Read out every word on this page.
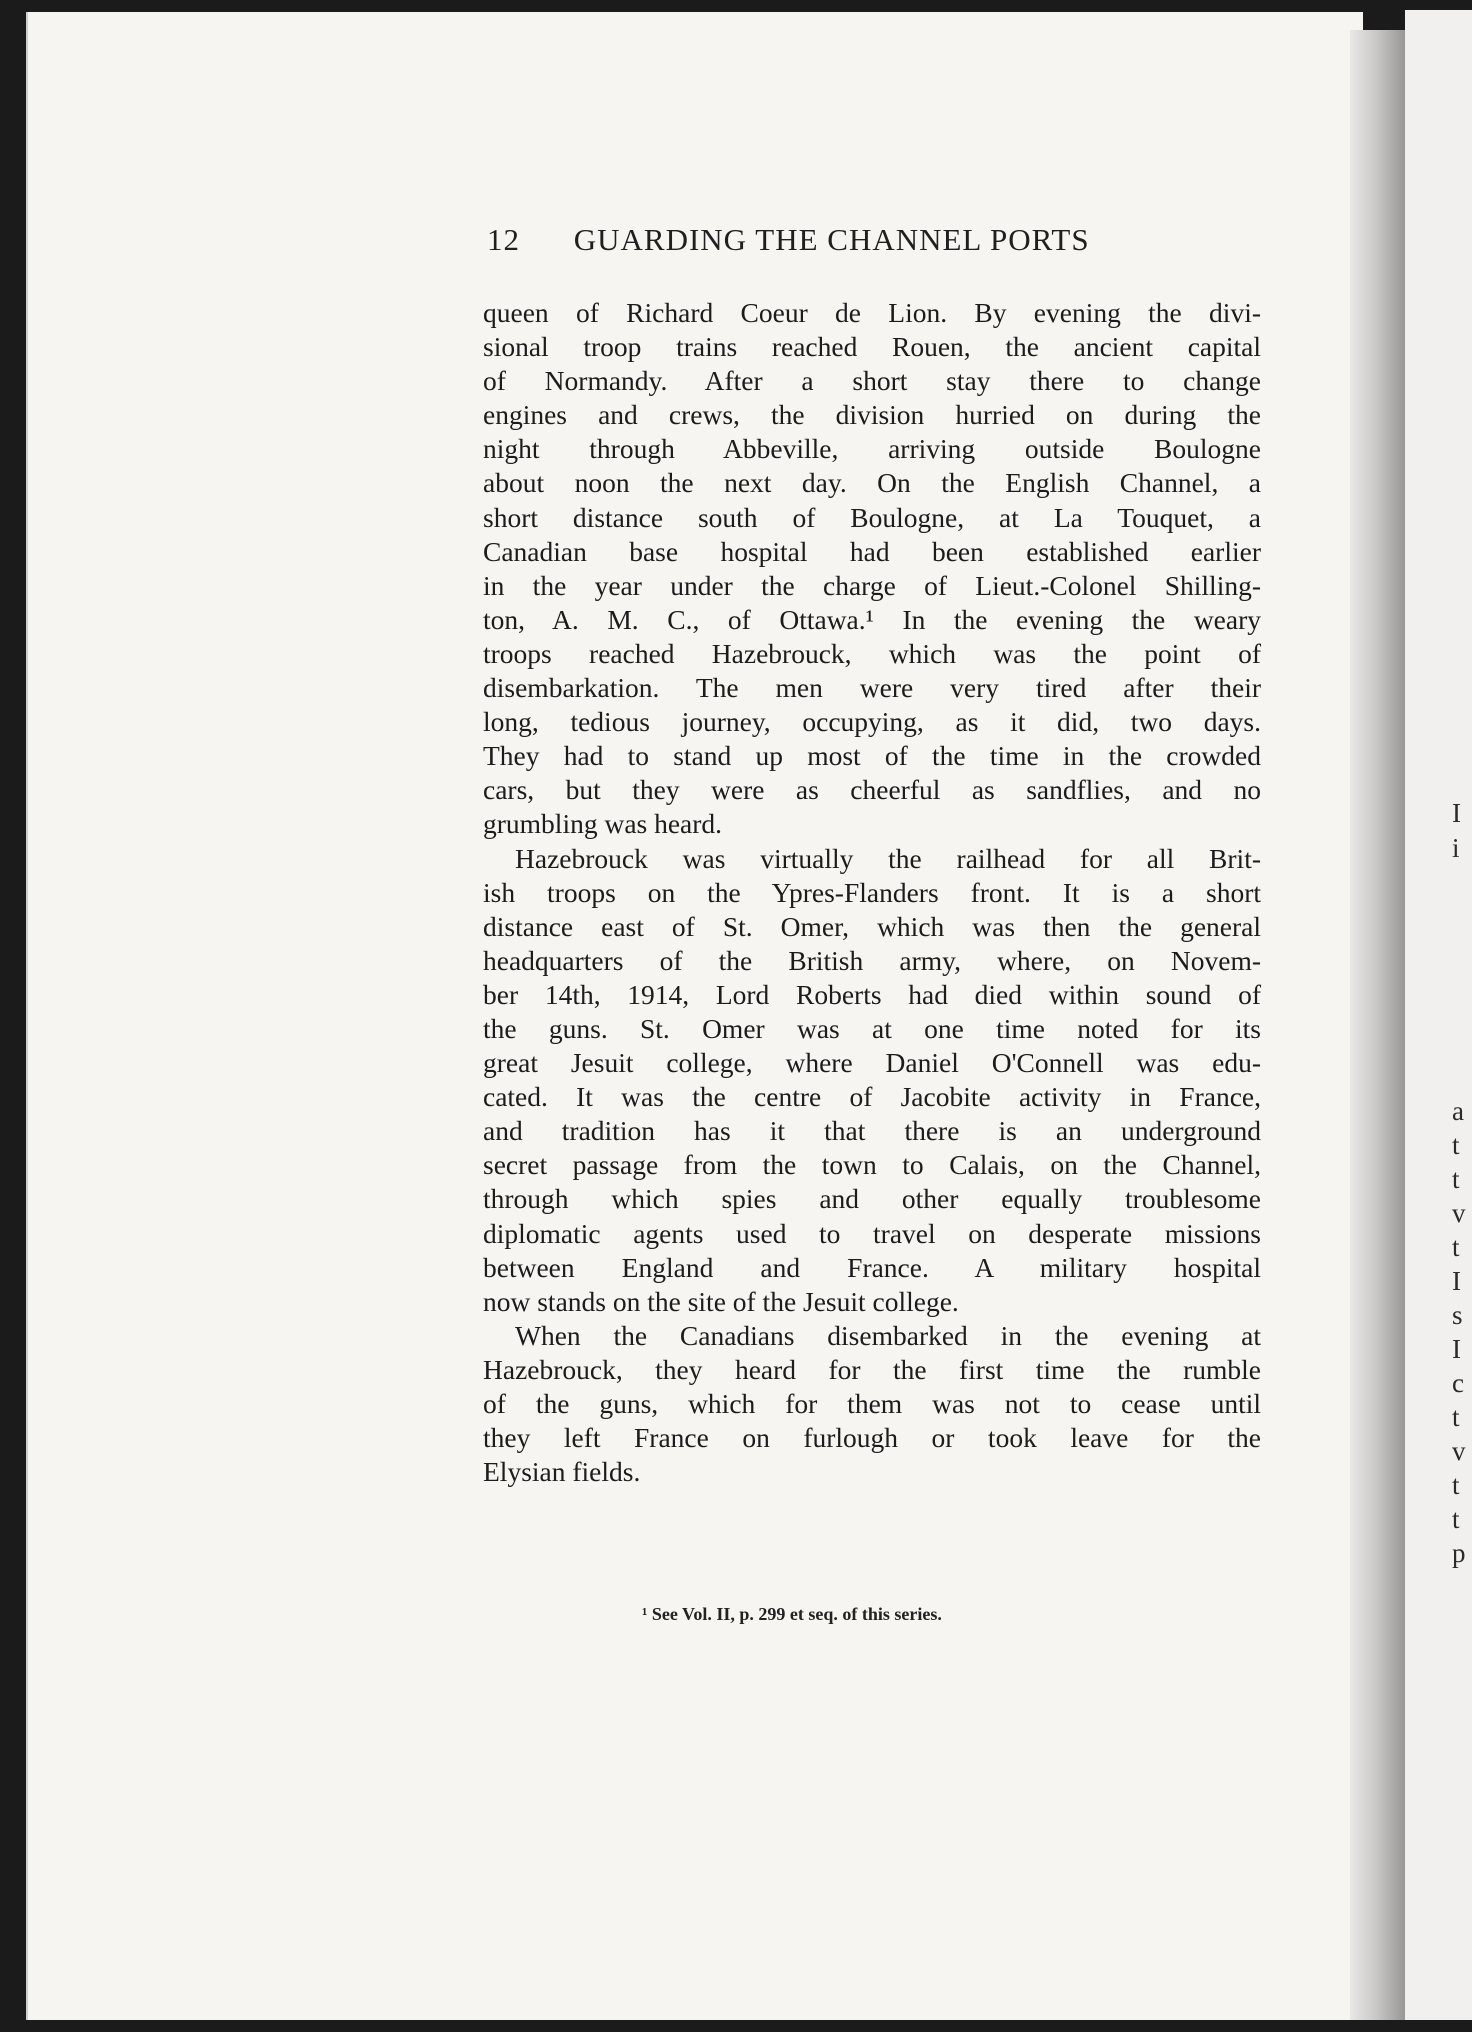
I
i
a
t
t
v
t
I
s
I
c
t
v
t
t
p
12 GUARDING THE CHANNEL PORTS
queen of Richard Coeur de Lion. By evening the divi-
sional troop trains reached Rouen, the ancient capital
of Normandy. After a short stay there to change
engines and crews, the division hurried on during the
night through Abbeville, arriving outside Boulogne
about noon the next day. On the English Channel, a
short distance south of Boulogne, at La Touquet, a
Canadian base hospital had been established earlier
in the year under the charge of Lieut.-Colonel Shilling-
ton, A. M. C., of Ottawa.¹ In the evening the weary
troops reached Hazebrouck, which was the point of
disembarkation. The men were very tired after their
long, tedious journey, occupying, as it did, two days.
They had to stand up most of the time in the crowded
cars, but they were as cheerful as sandflies, and no
grumbling was heard.
Hazebrouck was virtually the railhead for all Brit-
ish troops on the Ypres-Flanders front. It is a short
distance east of St. Omer, which was then the general
headquarters of the British army, where, on Novem-
ber 14th, 1914, Lord Roberts had died within sound of
the guns. St. Omer was at one time noted for its
great Jesuit college, where Daniel O'Connell was edu-
cated. It was the centre of Jacobite activity in France,
and tradition has it that there is an underground
secret passage from the town to Calais, on the Channel,
through which spies and other equally troublesome
diplomatic agents used to travel on desperate missions
between England and France. A military hospital
now stands on the site of the Jesuit college.
When the Canadians disembarked in the evening at
Hazebrouck, they heard for the first time the rumble
of the guns, which for them was not to cease until
they left France on furlough or took leave for the
Elysian fields.
¹ See Vol. II, p. 299 et seq. of this series.
